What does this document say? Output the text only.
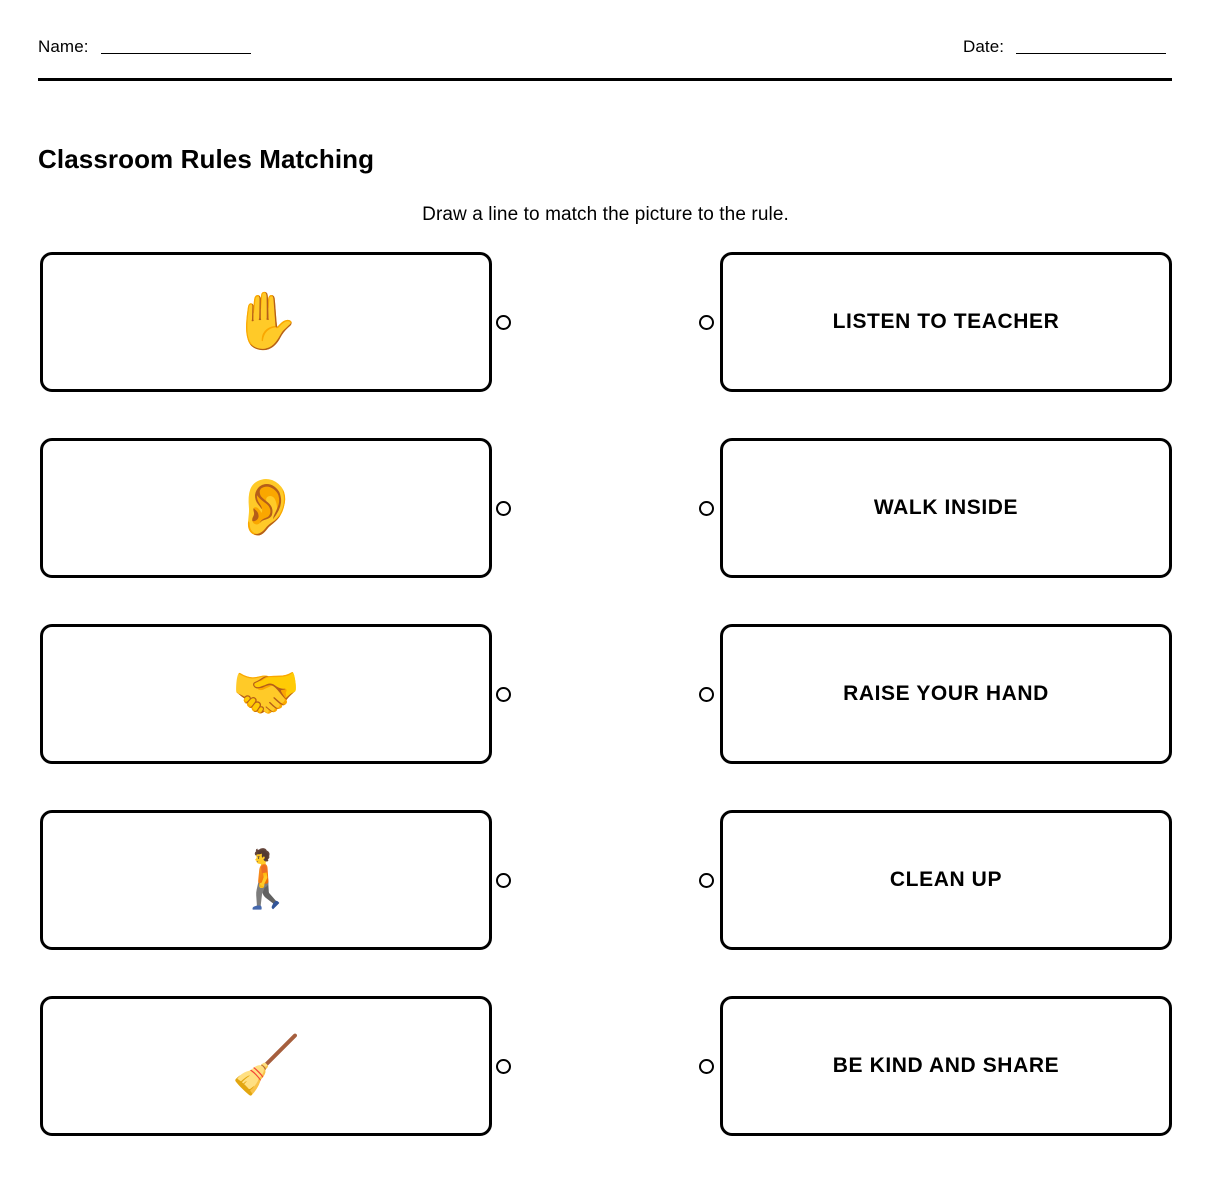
Name:	Date:
Classroom Rules Matching

Draw a line to match the picture to the rule.

✋	LISTEN TO TEACHER
👂	WALK INSIDE
🤝	RAISE YOUR HAND
🚶	CLEAN UP
🧹	BE KIND AND SHARE
